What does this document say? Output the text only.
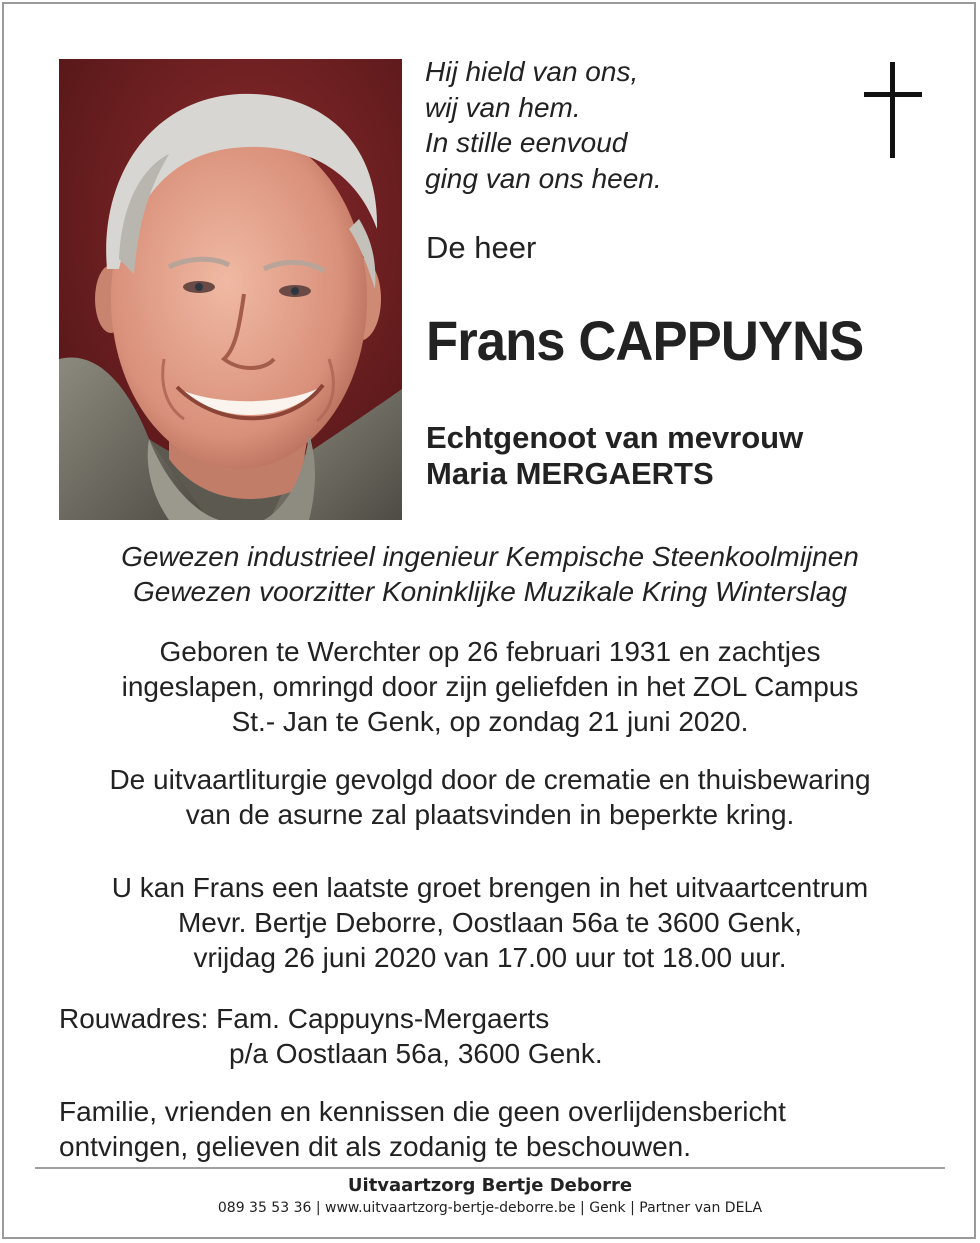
Hij hield van ons,
wij van hem.
In stille eenvoud
ging van ons heen.
De heer
Frans CAPPUYNS
Echtgenoot van mevrouw
Maria MERGAERTS
Gewezen industrieel ingenieur Kempische Steenkoolmijnen
Gewezen voorzitter Koninklijke Muzikale Kring Winterslag
Geboren te Werchter op 26 februari 1931 en zachtjes
ingeslapen, omringd door zijn geliefden in het ZOL Campus
St.- Jan te Genk, op zondag 21 juni 2020.
De uitvaartliturgie gevolgd door de crematie en thuisbewaring
van de asurne zal plaatsvinden in beperkte kring.
U kan Frans een laatste groet brengen in het uitvaartcentrum
Mevr. Bertje Deborre, Oostlaan 56a te 3600 Genk,
vrijdag 26 juni 2020 van 17.00 uur tot 18.00 uur.
Rouwadres: Fam. Cappuyns-Mergaerts
p/a Oostlaan 56a, 3600 Genk.
Familie, vrienden en kennissen die geen overlijdensbericht
ontvingen, gelieven dit als zodanig te beschouwen.
Uitvaartzorg Bertje Deborre
089 35 53 36 | www.uitvaartzorg-bertje-deborre.be | Genk | Partner van DELA
